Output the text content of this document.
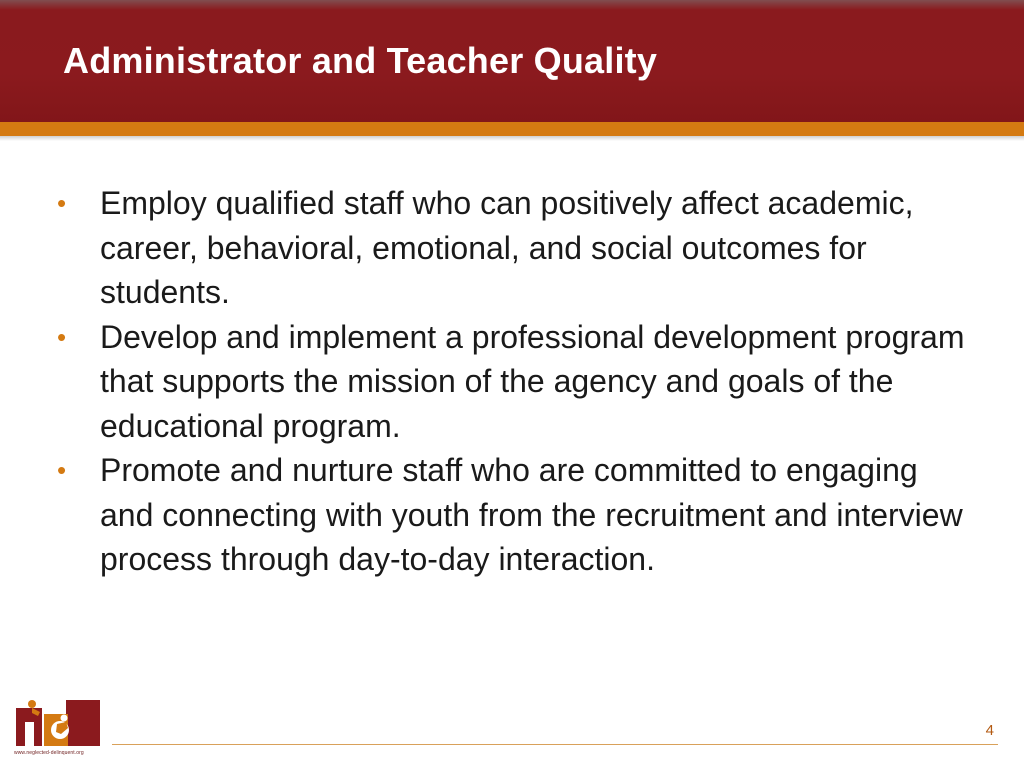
Administrator and Teacher Quality
• Employ qualified staff who can positively affect academic, career, behavioral, emotional, and social outcomes for students.
• Develop and implement a professional development program that supports the mission of the agency and goals of the educational program.
• Promote and nurture staff who are committed to engaging and connecting with youth from the recruitment and interview process through day-to-day interaction.
www.neglected-delinquent.org
4
